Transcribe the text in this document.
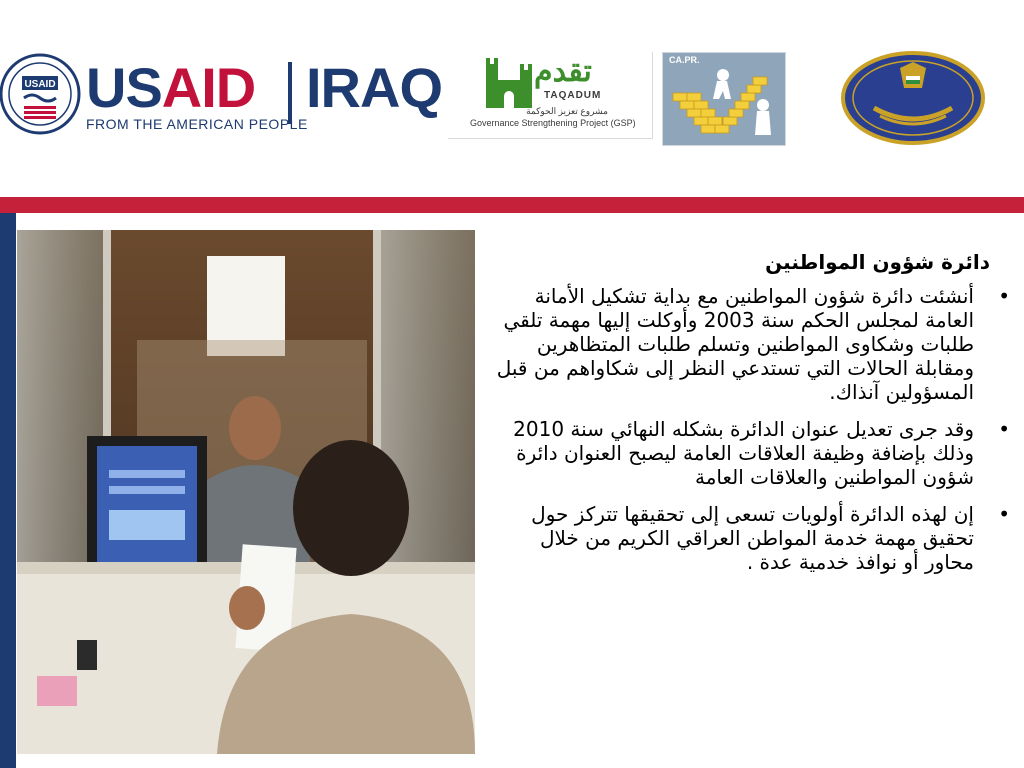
USAID USAID IRAQ
FROM THE AMERICAN PEOPLE
تقدم
TAQADUM
مشروع تعزيز الحوكمة
Governance Strengthening Project (GSP)
CA.PR.
دائرة شؤون المواطنين
•
أنشئت دائرة شؤون المواطنين مع بداية تشكيل الأمانة العامة لمجلس الحكم سنة 2003 وأوكلت إليها مهمة تلقي طلبات وشكاوى المواطنين وتسلم طلبات المتظاهرين ومقابلة الحالات التي تستدعي النظر إلى شكاواهم من قبل المسؤولين آنذاك.
•
وقد جرى تعديل عنوان الدائرة بشكله النهائي سنة 2010 وذلك بإضافة وظيفة العلاقات العامة ليصبح العنوان دائرة شؤون المواطنين والعلاقات العامة
•
إن لهذه الدائرة أولويات تسعى إلى تحقيقها تتركز حول تحقيق مهمة خدمة المواطن العراقي الكريم من خلال محاور أو نوافذ خدمية عدة .
